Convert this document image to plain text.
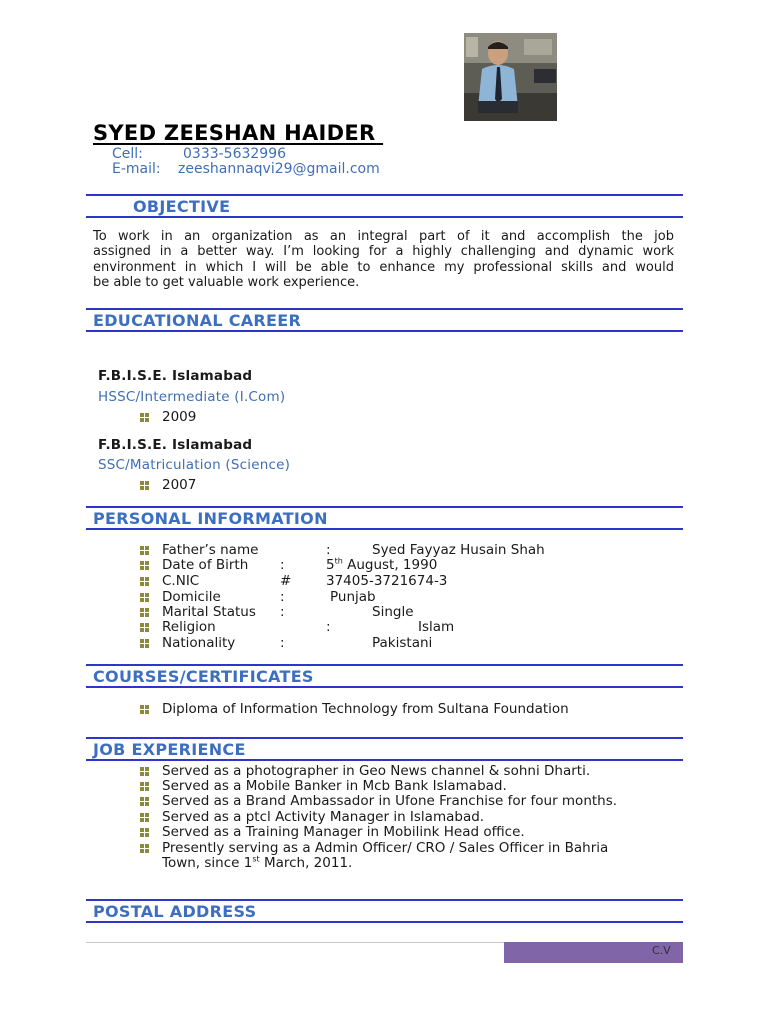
SYED ZEESHAN HAIDER
Cell:	0333-5632996
E-mail: zeeshannaqvi29@gmail.com
OBJECTIVE
To work in an organization as an integral part of it and accomplish the job
assigned in a better way. I’m looking for a highly challenging and dynamic work
environment in which I will be able to enhance my professional skills and would
be able to get valuable work experience.
EDUCATIONAL CAREER
F.B.I.S.E. Islamabad
HSSC/Intermediate (I.Com)
2009
F.B.I.S.E. Islamabad
SSC/Matriculation (Science)
2007
PERSONAL INFORMATION
Father’s name	:	Syed Fayyaz Husain Shah
Date of Birth :	5th August, 1990
C.NIC	#	37405-3721674-3
Domicile	:	Punjab
Marital Status :	Single
Religion	:	Islam
Nationality	:	Pakistani
COURSES/CERTIFICATES
Diploma of Information Technology from Sultana Foundation
JOB EXPERIENCE
Served as a photographer in Geo News channel & sohni Dharti.
Served as a Mobile Banker in Mcb Bank Islamabad.
Served as a Brand Ambassador in Ufone Franchise for four months.
Served as a ptcl Activity Manager in Islamabad.
Served as a Training Manager in Mobilink Head office.
Presently serving as a Admin Officer/ CRO / Sales Officer in Bahria
Town, since 1st March, 2011.
POSTAL ADDRESS
C.V
